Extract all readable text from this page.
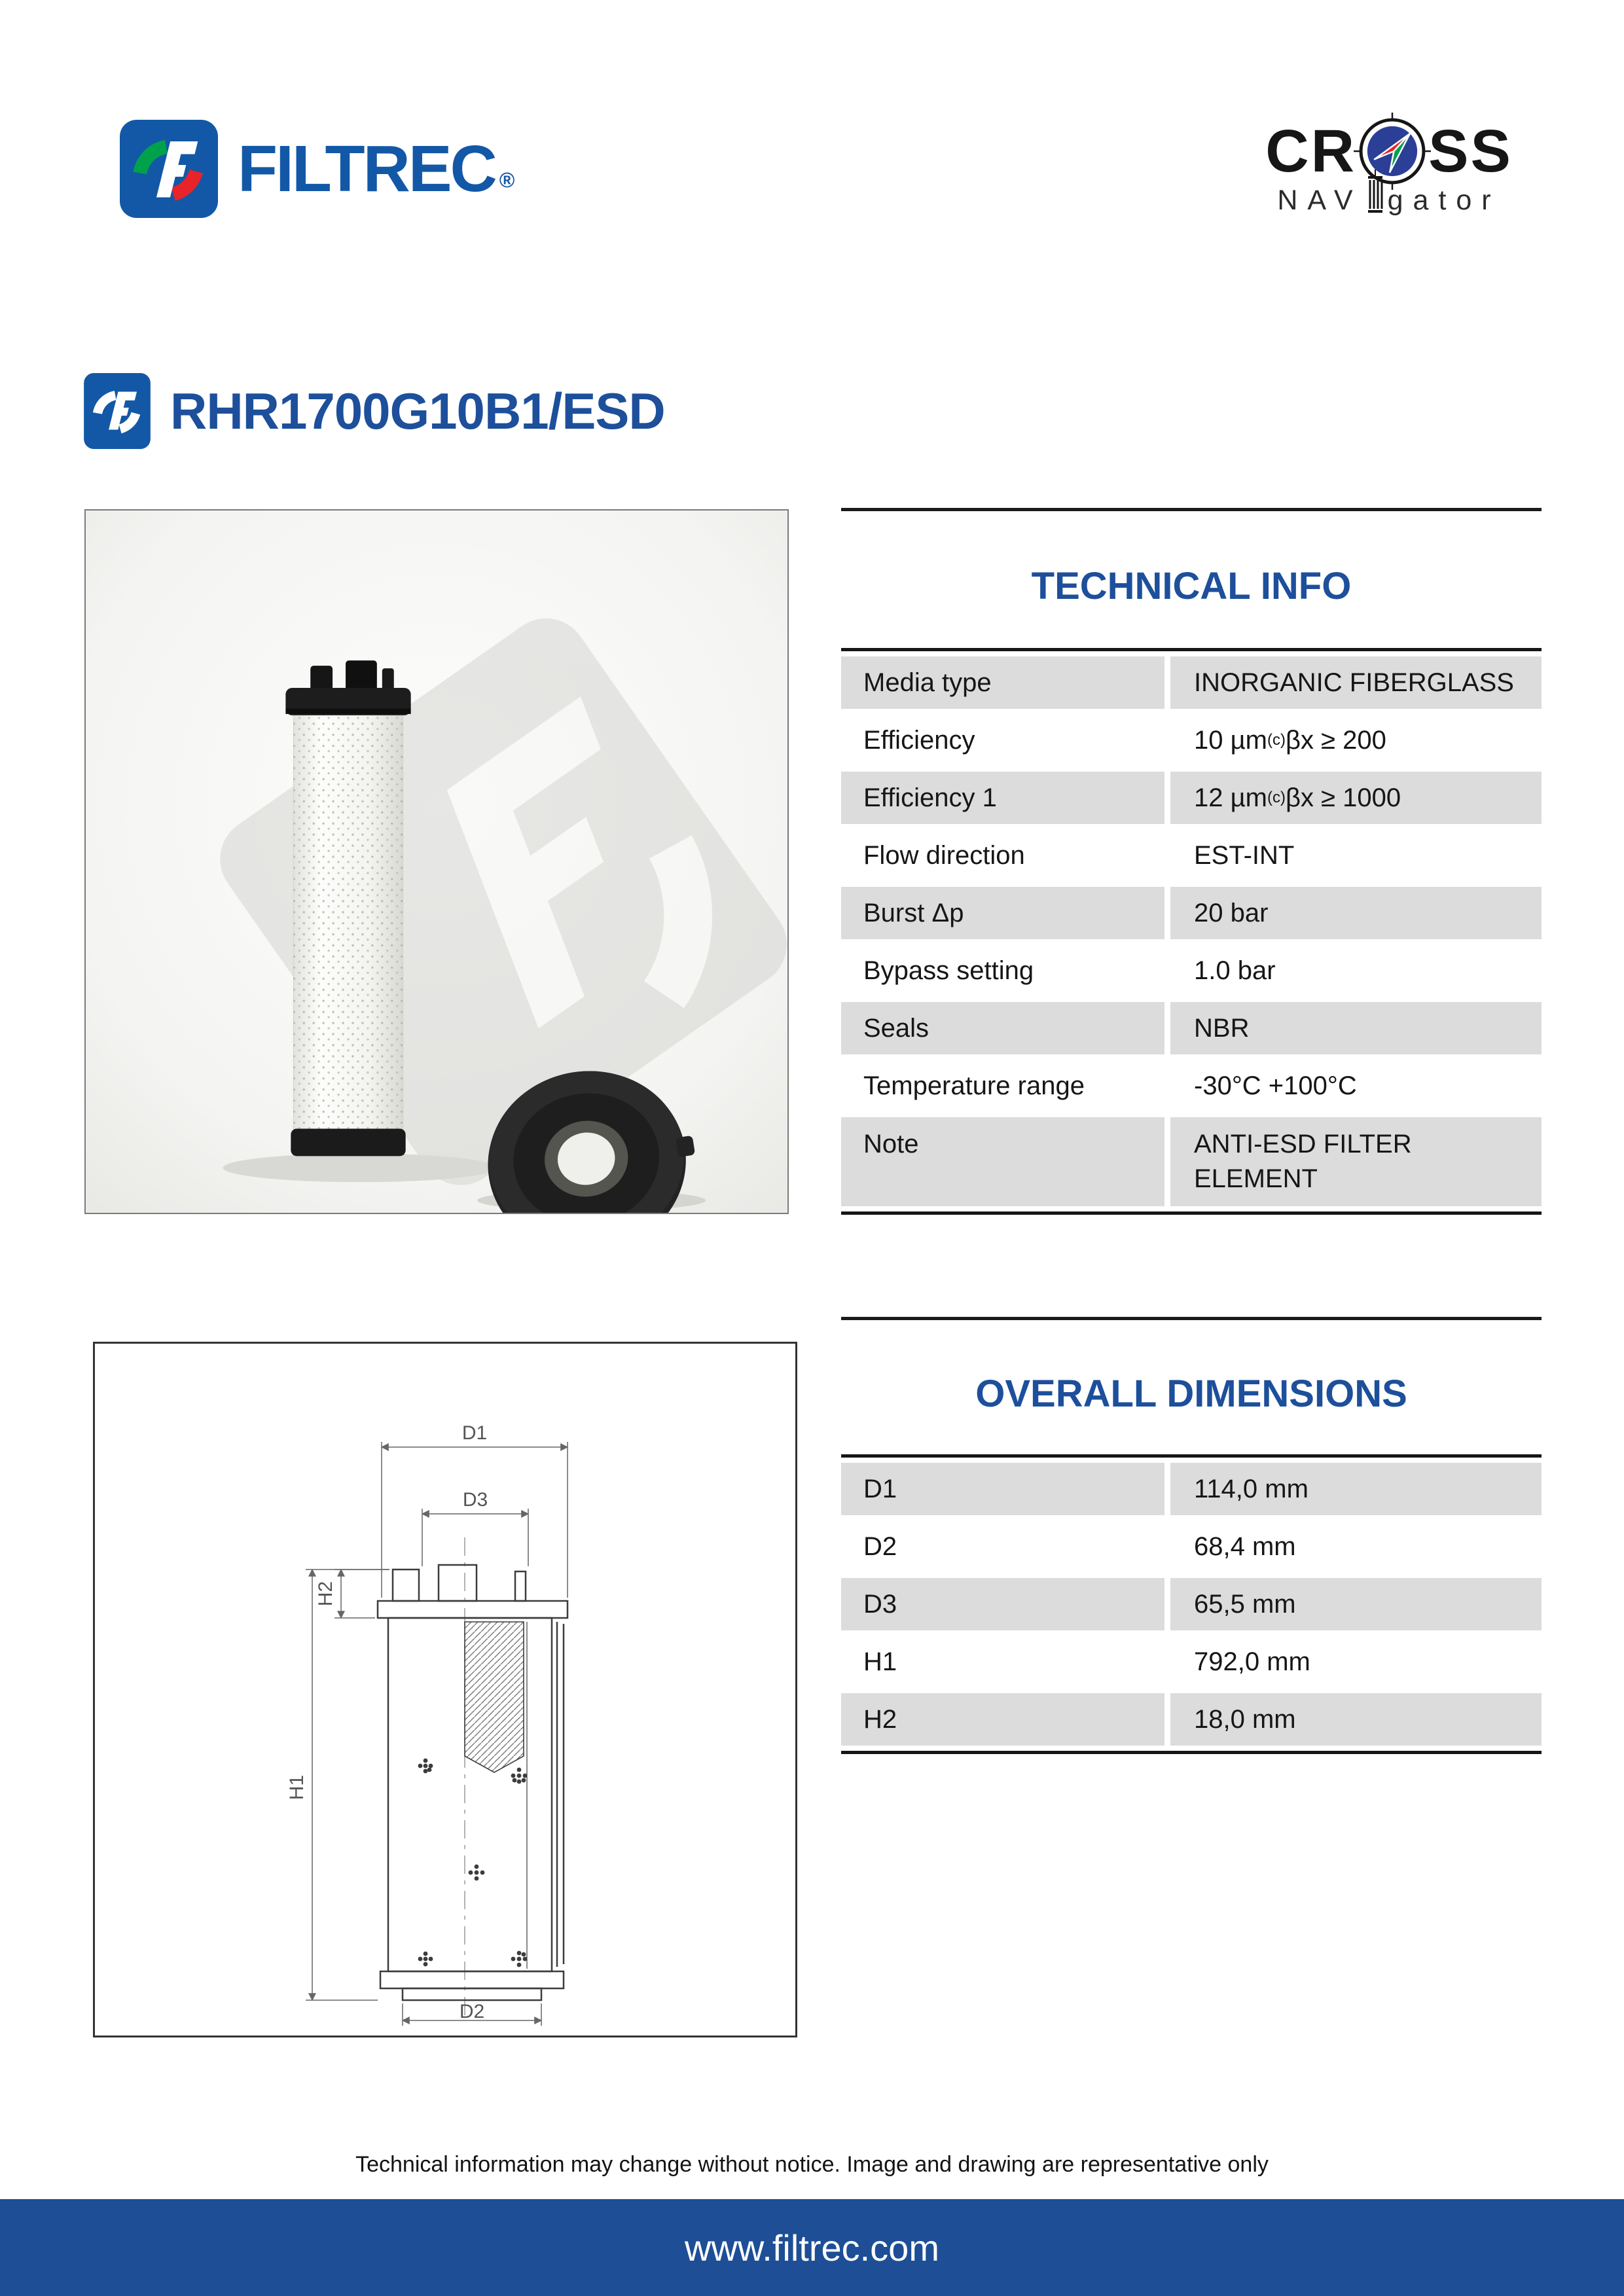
FILTREC ®	CR SS
NAV gator
RHR1700G10B1/ESD
TECHNICAL INFO
Media type	INORGANIC FIBERGLASS
Efficiency	10 µm (c) βx ≥ 200
Efficiency 1	12 µm (c) βx ≥ 1000
Flow direction	EST-INT
Burst Δp	20 bar
Bypass setting	1.0 bar
Seals	NBR
Temperature range	-30°C +100°C
Note	ANTI-ESD FILTER ELEMENT
D1
D3
H2
H1
D2
OVERALL DIMENSIONS
D1	114,0 mm
D2	68,4 mm
D3	65,5 mm
H1	792,0 mm
H2	18,0 mm
Technical information may change without notice. Image and drawing are representative only
www.filtrec.com
